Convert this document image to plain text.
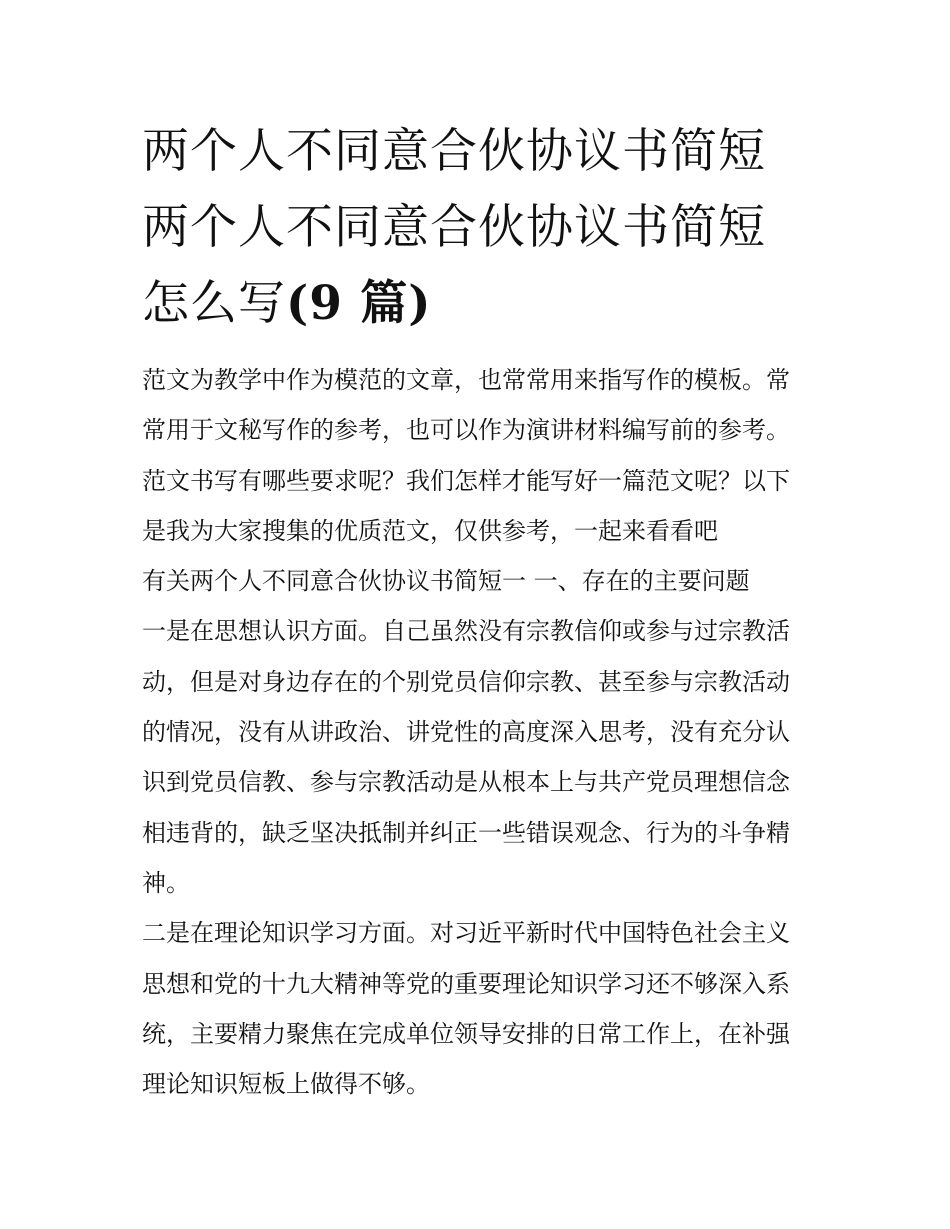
两个人不同意合伙协议书简短
两个人不同意合伙协议书简短
怎么写(9 篇)

范文为教学中作为模范的文章，也常常用来指写作的模板。常
常用于文秘写作的参考，也可以作为演讲材料编写前的参考。
范文书写有哪些要求呢？我们怎样才能写好一篇范文呢？以下
是我为大家搜集的优质范文，仅供参考，一起来看看吧

有关两个人不同意合伙协议书简短一 一、存在的主要问题

一是在思想认识方面。自己虽然没有宗教信仰或参与过宗教活
动，但是对身边存在的个别党员信仰宗教、甚至参与宗教活动
的情况，没有从讲政治、讲党性的高度深入思考，没有充分认
识到党员信教、参与宗教活动是从根本上与共产党员理想信念
相违背的，缺乏坚决抵制并纠正一些错误观念、行为的斗争精
神。

二是在理论知识学习方面。对习近平新时代中国特色社会主义
思想和党的十九大精神等党的重要理论知识学习还不够深入系
统，主要精力聚焦在完成单位领导安排的日常工作上，在补强
理论知识短板上做得不够。
